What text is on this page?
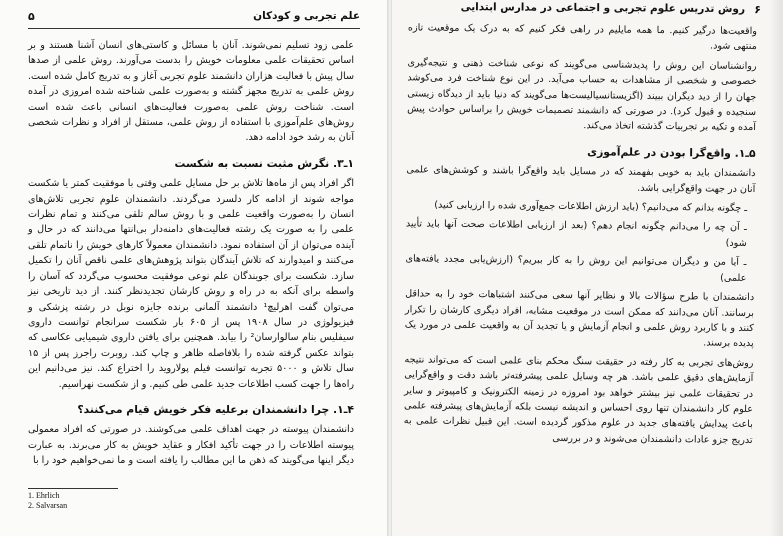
۵	علم تجربی و کودکان

علمی زود تسلیم نمی‌شوند. آنان با مسائل و کاستی‌های انسان آشنا هستند و بر اساس تحقیقات علمی معلومات خویش را بدست می‌آورند. روش علمی از صدها سال پیش با فعالیت هزاران دانشمند علوم تجربی آغاز و به تدریج کامل شده است. روش علمی به تدریج مجهز گشته و به‌صورت علمی شناخته شده امروزی در آمده است. شناخت روش علمی به‌صورت فعالیت‌های انسانی باعث شده است روش‌های علم‌آموزی با استفاده از روش علمی، مستقل از افراد و نظرات شخصی آنان به رشد خود ادامه دهد.

۱ـ۳. نگرش مثبت نسبت به شکست

اگر افراد پس از ماه‌ها تلاش بر حل مسایل علمی وقتی با موفقیت کمتر یا شکست مواجه شوند از ادامه کار دلسرد می‌گردند. دانشمندان علوم تجربی تلاش‌های انسان را به‌صورت واقعیت علمی و با روش سالم تلقی می‌کنند و تمام نظرات علمی را به صورت یک رشته فعالیت‌های دامنه‌دار بی‌انتها می‌دانند که در حال و آینده می‌توان از آن استفاده نمود. دانشمندان معمولاً کارهای خویش را ناتمام تلقی می‌کنند و امیدوارند که تلاش آیندگان بتواند پژوهش‌های علمی ناقص آنان را تکمیل سازد. شکست برای جویندگان علم نوعی موفقیت محسوب می‌گردد که آسان را واسطه برای آنکه به در راه و روش کارشان تجدیدنظر کنند. از دید تاریخی نیز می‌توان گفت اهرلیچ¹ دانشمند آلمانی برنده جایزه نوبل در رشته پزشکی و فیزیولوژی در سال ۱۹۰۸ پس از ۶۰۵ بار شکست سرانجام توانست داروی سیفلیس بنام سالوارسان² را بیابد. همچنین برای یافتن داروی شیمیایی عکاسی که بتواند عکس گرفته شده را بلافاصله ظاهر و چاپ کند. روبرت راجرز پس از ۱۵ سال تلاش و ۵۰۰۰ تجربه توانست فیلم پولاروید را اختراع کند. نیز می‌دانیم این راه‌ها را جهت کسب اطلاعات جدید علمی طی کنیم. و از شکست نهراسیم.

۴ـ۱. چرا دانشمندان برعلیه فکر خویش قیام می‌کنند؟

دانشمندان پیوسته در جهت اهداف علمی می‌کوشند. در صورتی که افراد معمولی پیوسته اطلاعات را در جهت تأکید افکار و عقاید خویش به کار می‌برند. به عبارت دیگر اینها می‌گویند که ذهن ما این مطالب را یافته است و ما نمی‌خواهیم خود را با

1. Ehrlich
2. Salvarsan
۶
روش تدریس علوم تجربی و اجتماعی در مدارس ابتدایی

واقعیت‌ها درگیر کنیم. ما همه مایلیم در راهی فکر کنیم که به درک یک موقعیت تازه منتهی شود.

روانشناسان این روش را پدیدشناسی می‌گویند که نوعی شناخت ذهنی و نتیجه‌گیری خصوصی و شخصی از مشاهدات به حساب می‌آید. در این نوع شناخت فرد می‌کوشد جهان را از دید دیگران ببیند (اگزیستانسیالیست‌ها می‌گویند که دنیا باید از دیدگاه زیستی سنجیده و قبول کرد). در صورتی که دانشمند تصمیمات خویش را براساس حوادث پیش آمده و تکیه بر تجربیات گذشته اتخاذ می‌کند.

۵ـ۱. واقع‌گرا بودن در علم‌آموزی

دانشمندان باید به خوبی بفهمند که در مسایل باید واقع‌گرا باشند و کوشش‌های علمی آنان در جهت واقع‌گرایی باشد.

ـ چگونه بدانم که می‌دانیم؟ (باید ارزش اطلاعات جمع‌آوری شده را ارزیابی کنید)

ـ آن چه را می‌دانم چگونه انجام دهم؟ (بعد از ارزیابی اطلاعات صحت آنها باید تأیید شود)

ـ آیا من و دیگران می‌توانیم این روش را به کار ببریم؟ (ارزش‌یابی مجدد یافته‌های علمی)

دانشمندان با طرح سؤالات بالا و نظایر آنها سعی می‌کنند اشتباهات خود را به حداقل برسانند. آنان می‌دانند که ممکن است در موقعیت مشابه، افراد دیگری کارشان را تکرار کنند و با کاربرد روش علمی و انجام آزمایش و یا تجدید آن به واقعیت علمی در مورد یک پدیده برسند.

روش‌های تجربی به کار رفته در حقیقت سنگ محکم بنای علمی است که می‌تواند نتیجه آزمایش‌های دقیق علمی باشد. هر چه وسایل علمی پیشرفته‌تر باشد دقت و واقع‌گرایی در تحقیقات علمی نیز بیشتر خواهد بود امروزه در زمینه الکترونیک و کامپیوتر و سایر علوم کار دانشمندان تنها روی احساس و اندیشه نیست بلکه آزمایش‌های پیشرفته علمی باعث پیدایش یافته‌های جدید در علوم مذکور گردیده است. این قبیل نظرات علمی به تدریج جزو عادات دانشمندان می‌شوند و در بررسی
